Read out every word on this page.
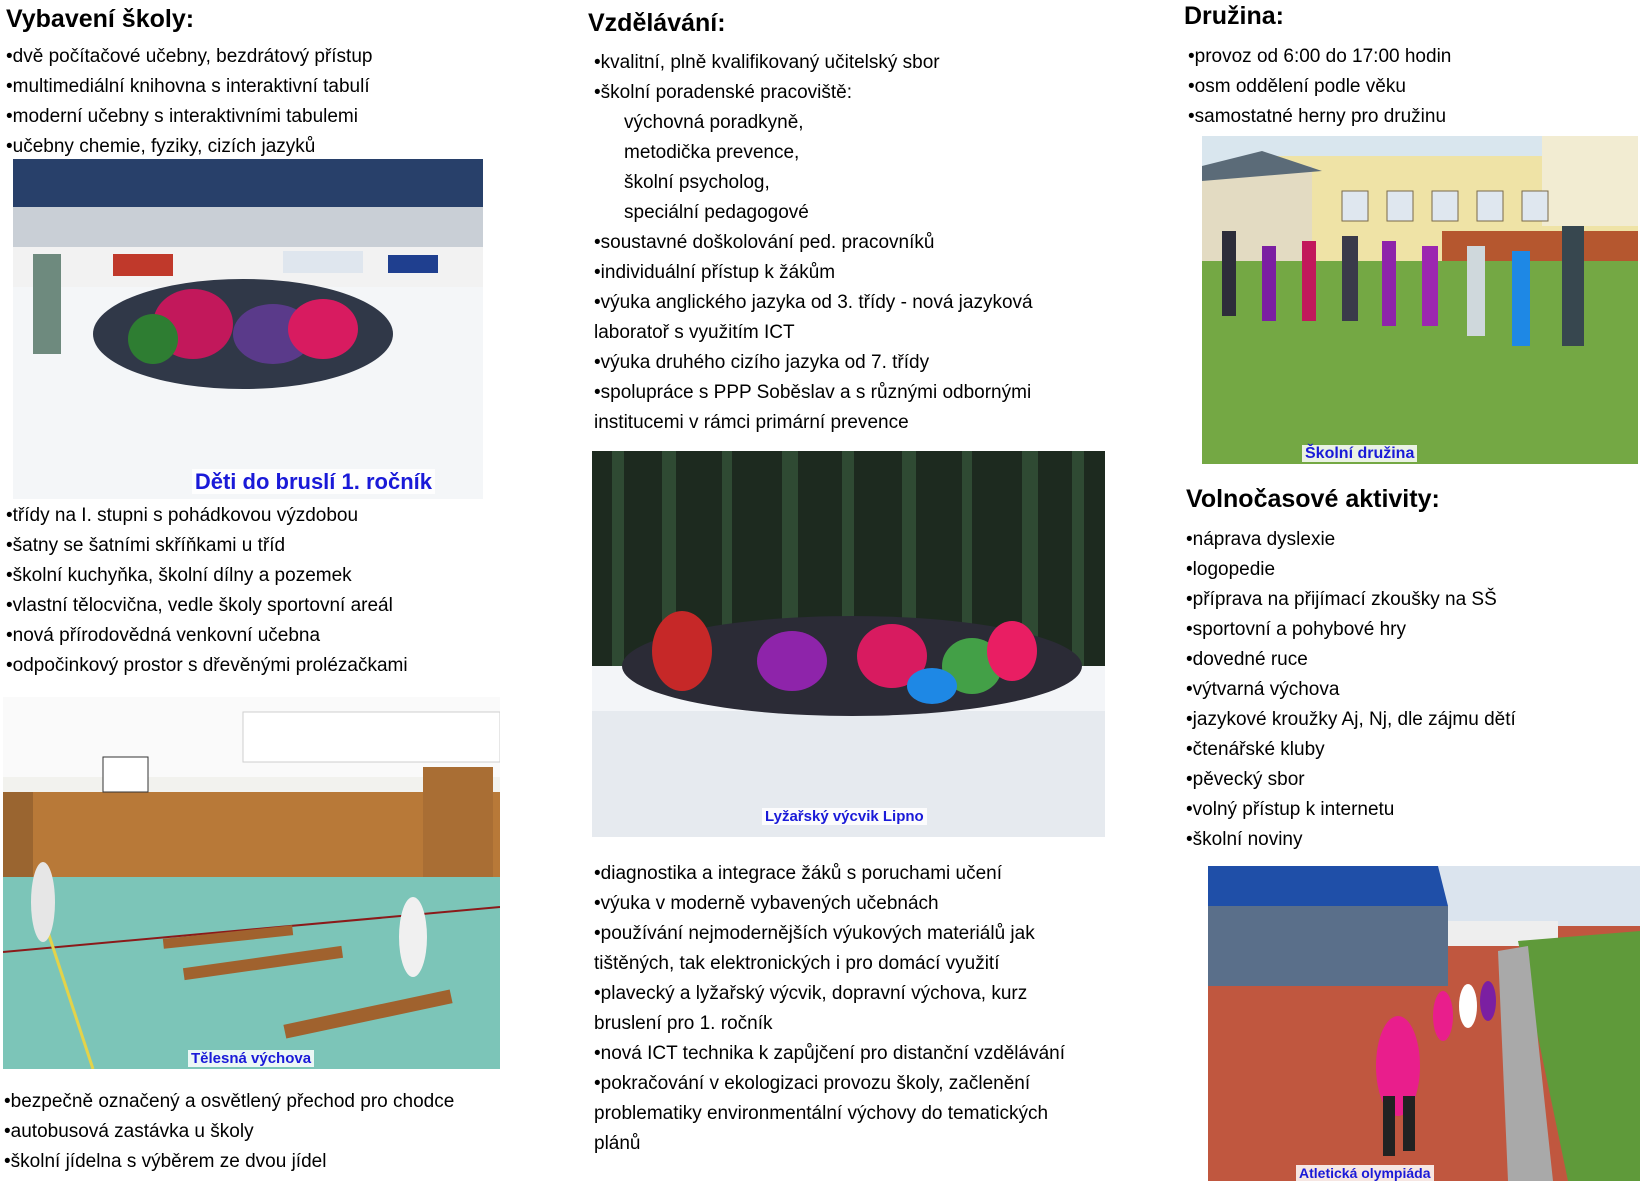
Vybavení školy:
•dvě počítačové učebny, bezdrátový přístup
•multimediální knihovna s interaktivní tabulí
•moderní učebny s interaktivními tabulemi
•učebny chemie, fyziky, cizích jazyků
Děti do bruslí 1. ročník
•třídy na I. stupni s pohádkovou výzdobou
•šatny se šatními skříňkami u tříd
•školní kuchyňka, školní dílny a pozemek
•vlastní tělocvična, vedle školy sportovní areál
•nová přírodovědná venkovní učebna
•odpočinkový prostor s dřevěnými prolézačkami
Tělesná výchova
•bezpečně označený a osvětlený přechod pro chodce
•autobusová zastávka u školy
•školní jídelna s výběrem ze dvou jídel
Vzdělávání:
•kvalitní, plně kvalifikovaný učitelský sbor
•školní poradenské pracoviště:
výchovná poradkyně,
metodička prevence,
školní psycholog,
speciální pedagogové
•soustavné doškolování ped. pracovníků
•individuální přístup k žákům
•výuka anglického jazyka od 3. třídy - nová jazyková
laboratoř s využitím ICT
•výuka druhého cizího jazyka od 7. třídy
•spolupráce s PPP Soběslav a s různými odbornými
institucemi v rámci primární prevence
Lyžařský výcvik Lipno
•diagnostika a integrace žáků s poruchami učení
•výuka v moderně vybavených učebnách
•používání nejmodernějších výukových materiálů jak
tištěných, tak elektronických i pro domácí využití
•plavecký a lyžařský výcvik, dopravní výchova, kurz
bruslení pro 1. ročník
•nová ICT technika k zapůjčení pro distanční vzdělávání
•pokračování v ekologizaci provozu školy, začlenění
problematiky environmentální výchovy do tematických
plánů
Družina:
•provoz od 6:00 do 17:00 hodin
•osm oddělení podle věku
•samostatné herny pro družinu
Školní družina
Volnočasové aktivity:
•náprava dyslexie
•logopedie
•příprava na přijímací zkoušky na SŠ
•sportovní a pohybové hry
•dovedné ruce
•výtvarná výchova
•jazykové kroužky Aj, Nj, dle zájmu dětí
•čtenářské kluby
•pěvecký sbor
•volný přístup k internetu
•školní noviny
Atletická olympiáda
